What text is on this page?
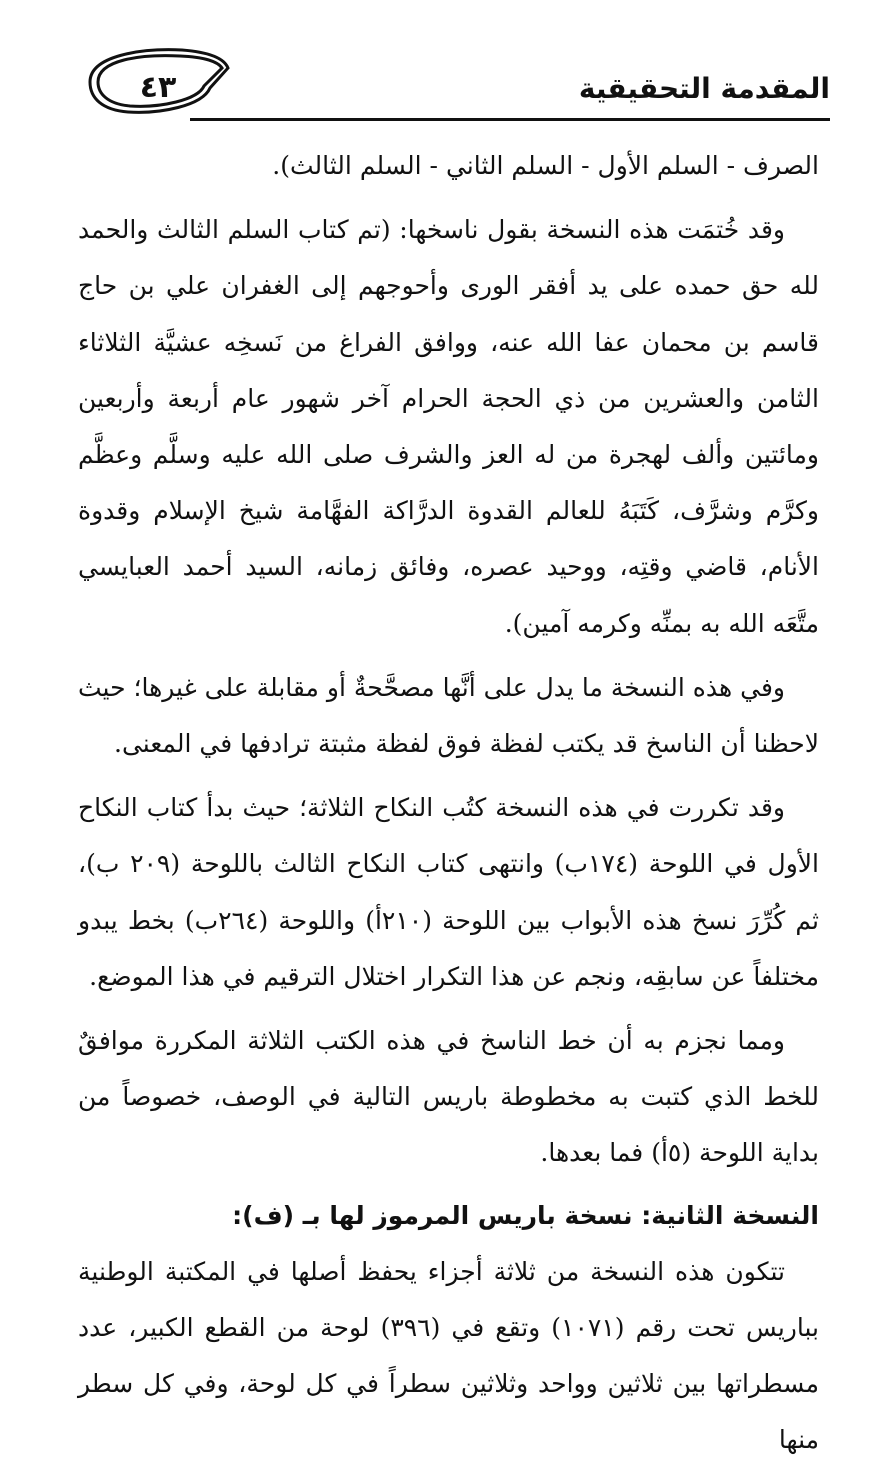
٤٣	المقدمة التحقيقية

الصرف - السلم الأول - السلم الثاني - السلم الثالث).

وقد خُتمَت هذه النسخة بقول ناسخها: (تم كتاب السلم الثالث والحمد لله حق حمده على يد أفقر الورى وأحوجهم إلى الغفران علي بن حاج قاسم بن محمان عفا الله عنه، ووافق الفراغ من نَسخِه عشيَّة الثلاثاء الثامن والعشرين من ذي الحجة الحرام آخر شهور عام أربعة وأربعين ومائتين وألف لهجرة من له العز والشرف صلى الله عليه وسلَّم وعظَّم وكرَّم وشرَّف، كَتَبَهُ للعالم القدوة الدرَّاكة الفهَّامة شيخ الإسلام وقدوة الأنام، قاضي وقتِه، ووحيد عصره، وفائق زمانه، السيد أحمد العبايسي متَّعَه الله به بمنِّه وكرمه آمين).

وفي هذه النسخة ما يدل على أنَّها مصحَّحةٌ أو مقابلة على غيرها؛ حيث لاحظنا أن الناسخ قد يكتب لفظة فوق لفظة مثبتة ترادفها في المعنى.

وقد تكررت في هذه النسخة كتُب النكاح الثلاثة؛ حيث بدأ كتاب النكاح الأول في اللوحة (١٧٤ب) وانتهى كتاب النكاح الثالث باللوحة (٢٠٩ ب)، ثم كُرِّرَ نسخ هذه الأبواب بين اللوحة (٢١٠أ) واللوحة (٢٦٤ب) بخط يبدو مختلفاً عن سابقِه، ونجم عن هذا التكرار اختلال الترقيم في هذا الموضع.

ومما نجزم به أن خط الناسخ في هذه الكتب الثلاثة المكررة موافقٌ للخط الذي كتبت به مخطوطة باريس التالية في الوصف، خصوصاً من بداية اللوحة (٥أ) فما بعدها.

النسخة الثانية: نسخة باريس المرموز لها بـ (ف):

تتكون هذه النسخة من ثلاثة أجزاء يحفظ أصلها في المكتبة الوطنية بباريس تحت رقم (١٠٧١) وتقع في (٣٩٦) لوحة من القطع الكبير، عدد مسطراتها بين ثلاثين وواحد وثلاثين سطراً في كل لوحة، وفي كل سطر منها
